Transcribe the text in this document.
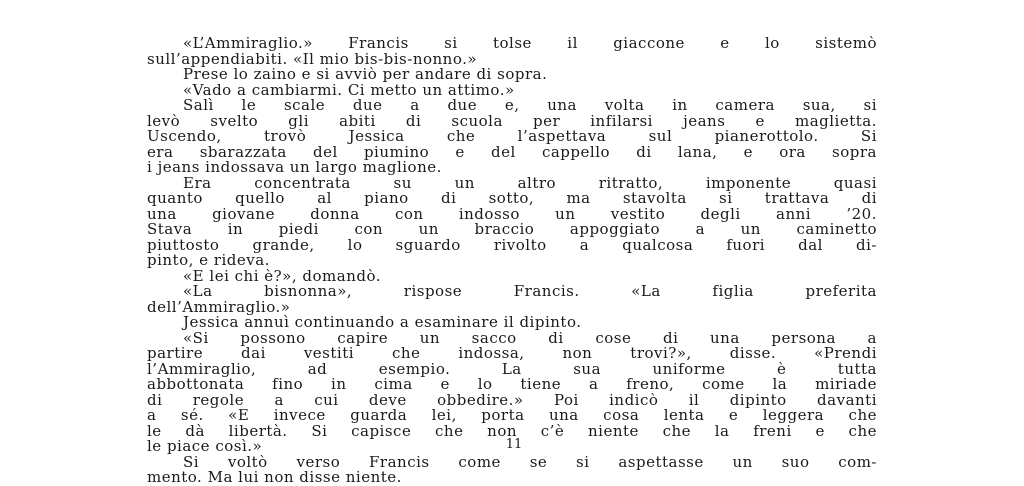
«L’Ammiraglio.» Francis si tolse il giaccone e lo sistemò
sull’appendiabiti. «Il mio bis-bis-nonno.»
Prese lo zaino e si avviò per andare di sopra.
«Vado a cambiarmi. Ci metto un attimo.»
Salì le scale due a due e, una volta in camera sua, si
levò svelto gli abiti di scuola per infilarsi jeans e maglietta.
Uscendo, trovò Jessica che l’aspettava sul pianerottolo. Si
era sbarazzata del piumino e del cappello di lana, e ora sopra
i jeans indossava un largo maglione.
Era concentrata su un altro ritratto, imponente quasi
quanto quello al piano di sotto, ma stavolta si trattava di
una giovane donna con indosso un vestito degli anni ’20.
Stava in piedi con un braccio appoggiato a un caminetto
piuttosto grande, lo sguardo rivolto a qualcosa fuori dal di-
pinto, e rideva.
«E lei chi è?», domandò.
«La bisnonna», rispose Francis. «La figlia preferita
dell’Ammiraglio.»
Jessica annuì continuando a esaminare il dipinto.
«Si possono capire un sacco di cose di una persona a
partire dai vestiti che indossa, non trovi?», disse. «Prendi
l’Ammiraglio, ad esempio. La sua uniforme è tutta
abbottonata fino in cima e lo tiene a freno, come la miriade
di regole a cui deve obbedire.» Poi indicò il dipinto davanti
a sé. «E invece guarda lei, porta una cosa lenta e leggera che
le dà libertà. Si capisce che non c’è niente che la freni e che
le piace così.»
Si voltò verso Francis come se si aspettasse un suo com-
mento. Ma lui non disse niente.
11
